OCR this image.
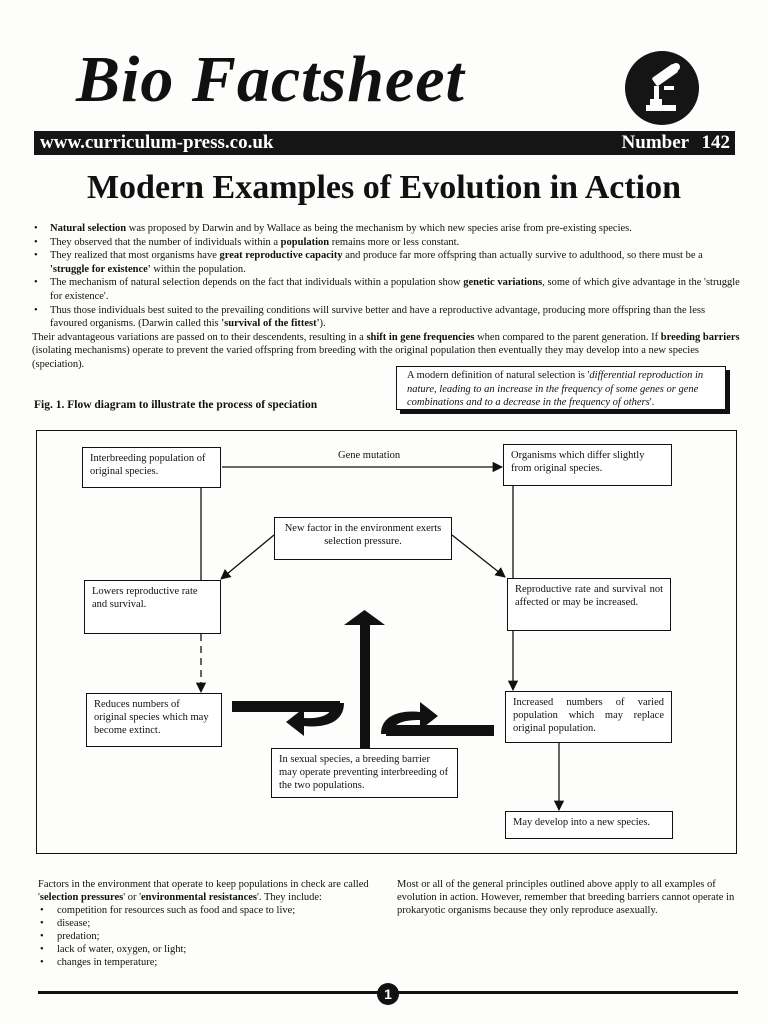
Bio Factsheet
www.curriculum-press.co.uk	Number 142
Modern Examples of Evolution in Action
• Natural selection was proposed by Darwin and by Wallace as being the mechanism by which new species arise from pre-existing species.
• They observed that the number of individuals within a population remains more or less constant.
• They realized that most organisms have great reproductive capacity and produce far more offspring than actually survive to adulthood, so there must be a 'struggle for existence' within the population.
• The mechanism of natural selection depends on the fact that individuals within a population show genetic variations, some of which give advantage in the 'struggle for existence'.
• Thus those individuals best suited to the prevailing conditions will survive better and have a reproductive advantage, producing more offspring than the less favoured organisms. (Darwin called this 'survival of the fittest').

Their advantageous variations are passed on to their descendents, resulting in a shift in gene frequencies when compared to the parent generation. If breeding barriers (isolating mechanisms) operate to prevent the varied offspring from breeding with the original population then eventually they may develop into a new species (speciation).

A modern definition of natural selection is 'differential reproduction in nature, leading to an increase in the frequency of some genes or gene combinations and to a decrease in the frequency of others'.
Fig. 1. Flow diagram to illustrate the process of speciation
Interbreeding population of original species.
Organisms which differ slightly from original species.
New factor in the environment exerts selection pressure.
Lowers reproductive rate and survival.
Reproductive rate and survival not affected or may be increased.
Reduces numbers of original species which may become extinct.
Increased numbers of varied population which may replace original population.
In sexual species, a breeding barrier may operate preventing interbreeding of the two populations.
May develop into a new species.
Gene mutation

Factors in the environment that operate to keep populations in check are called 'selection pressures' or 'environmental resistances'. They include:

• competition for resources such as food and space to live;
• disease;
• predation;
• lack of water, oxygen, or light;
• changes in temperature;
Most or all of the general principles outlined above apply to all examples of evolution in action. However, remember that breeding barriers cannot operate in prokaryotic organisms because they only reproduce asexually.
1
